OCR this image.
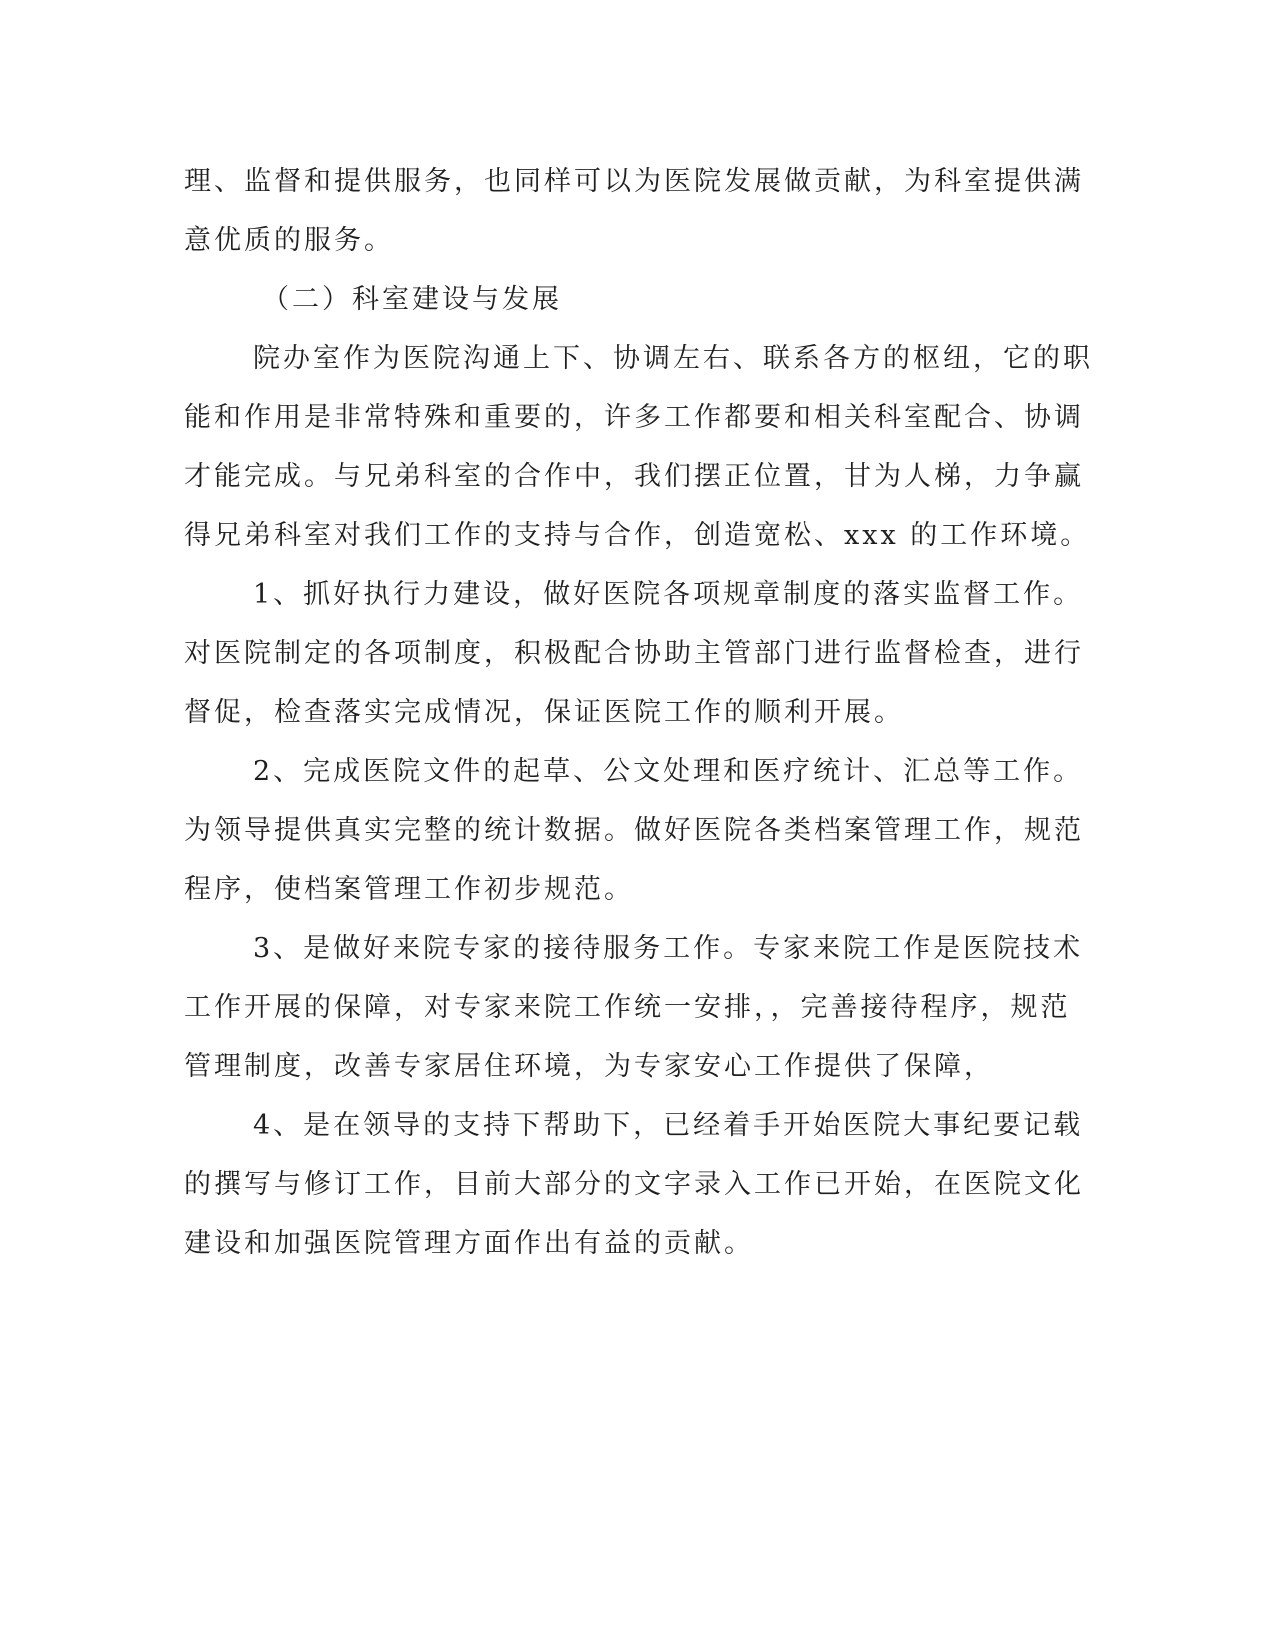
理、监督和提供服务，也同样可以为医院发展做贡献，为科室提供满
意优质的服务。
（二）科室建设与发展
院办室作为医院沟通上下、协调左右、联系各方的枢纽，它的职
能和作用是非常特殊和重要的，许多工作都要和相关科室配合、协调
才能完成。与兄弟科室的合作中，我们摆正位置，甘为人梯，力争赢
得兄弟科室对我们工作的支持与合作，创造宽松、xxx 的工作环境。
1、抓好执行力建设，做好医院各项规章制度的落实监督工作。
对医院制定的各项制度，积极配合协助主管部门进行监督检查，进行
督促，检查落实完成情况，保证医院工作的顺利开展。
2、完成医院文件的起草、公文处理和医疗统计、汇总等工作。
为领导提供真实完整的统计数据。做好医院各类档案管理工作，规范
程序，使档案管理工作初步规范。
3、是做好来院专家的接待服务工作。专家来院工作是医院技术
工作开展的保障，对专家来院工作统一安排，，完善接待程序，规范
管理制度，改善专家居住环境，为专家安心工作提供了保障，
4、是在领导的支持下帮助下，已经着手开始医院大事纪要记载
的撰写与修订工作，目前大部分的文字录入工作已开始，在医院文化
建设和加强医院管理方面作出有益的贡献。
